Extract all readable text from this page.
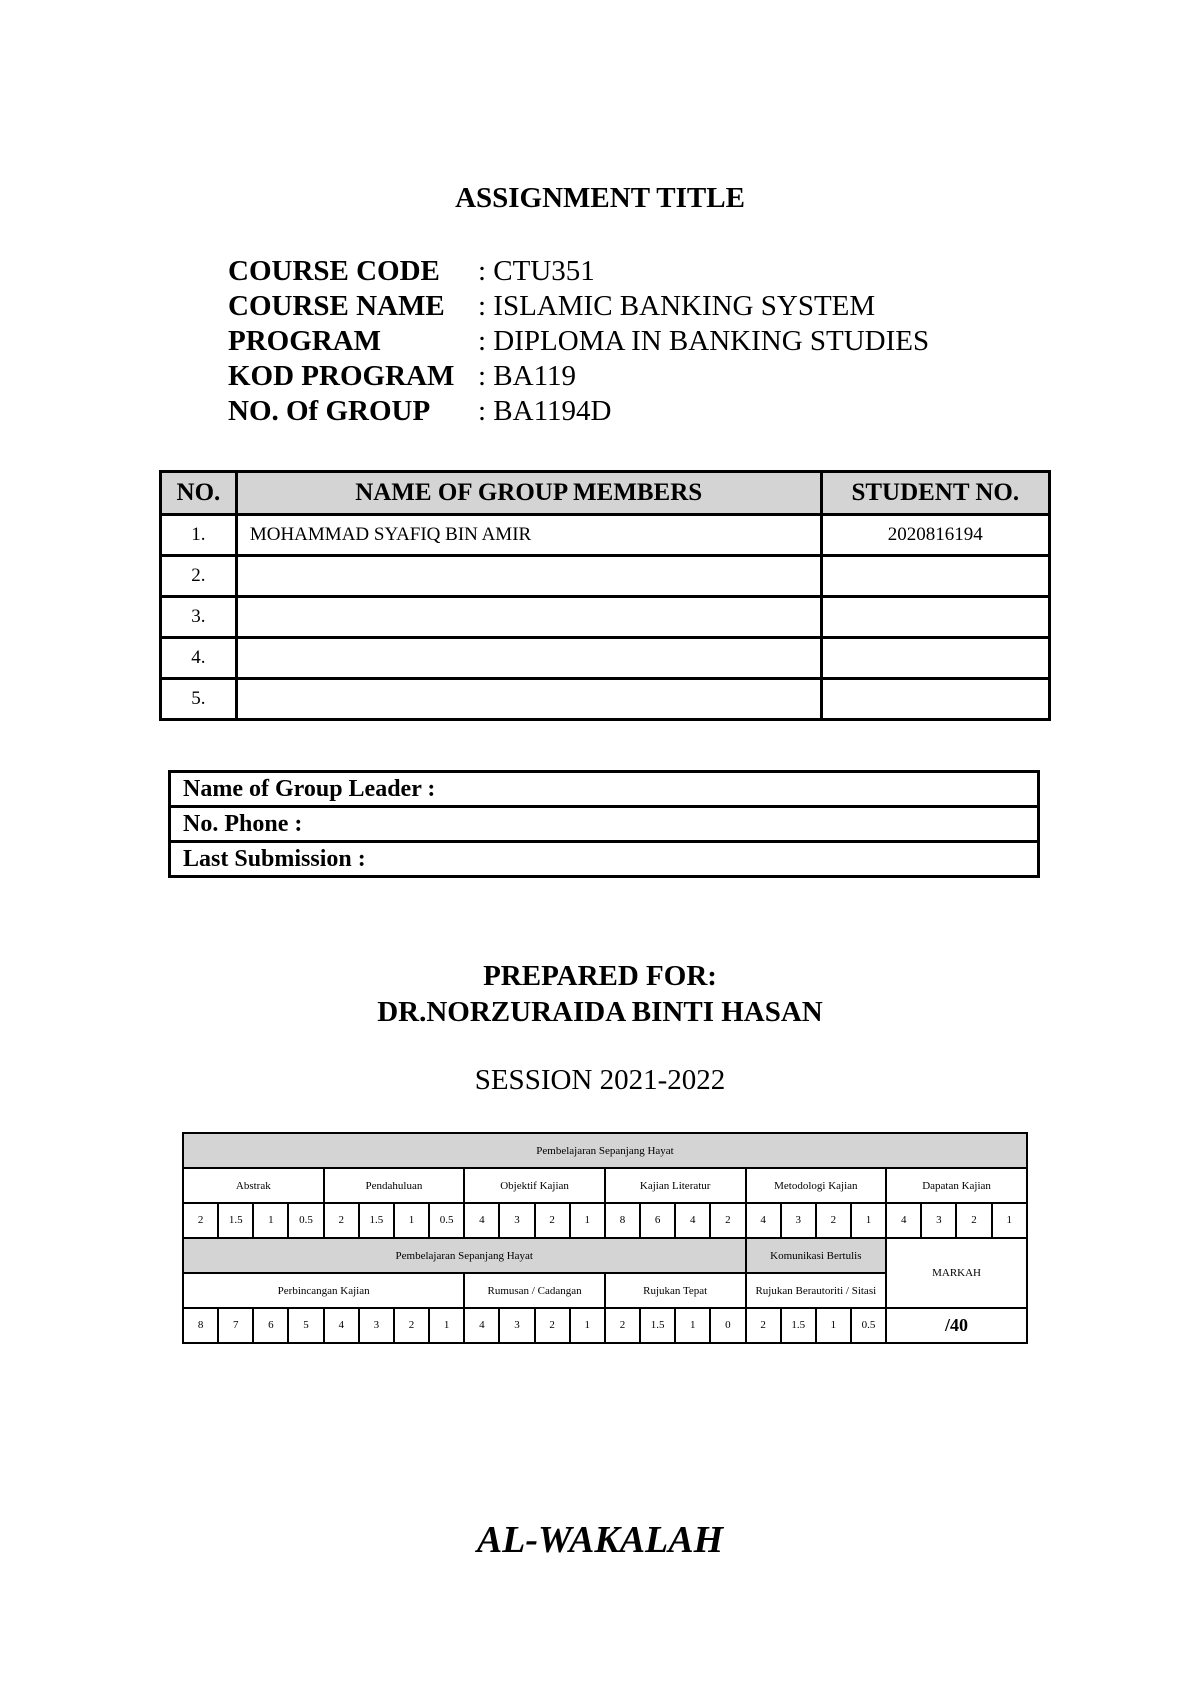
ASSIGNMENT TITLE
COURSE CODE	: CTU351
COURSE NAME	: ISLAMIC BANKING SYSTEM
PROGRAM	: DIPLOMA IN BANKING STUDIES
KOD PROGRAM : BA119
NO. Of GROUP	: BA1194D
NO.	NAME OF GROUP MEMBERS	STUDENT NO.
1.	MOHAMMAD SYAFIQ BIN AMIR	2020816194
2.		
3.		
4.		
5.		
Name of Group Leader :
No. Phone :
Last Submission :
PREPARED FOR:
DR.NORZURAIDA BINTI HASAN
SESSION 2021-2022
Pembelajaran Sepanjang Hayat																							
Abstrak				Pendahuluan				Objektif Kajian				Kajian Literatur				Metodologi Kajian				Dapatan Kajian			
2	1.5	1	0.5	2	1.5	1	0.5	4	3	2	1	8	6	4	2	4	3	2	1	4	3	2	1
Pembelajaran Sepanjang Hayat																Komunikasi Bertulis				MARKAH			
Perbincangan Kajian								Rumusan / Cadangan				Rujukan Tepat				Rujukan Berautoriti / Sitasi							
8	7	6	5	4	3	2	1	4	3	2	1	2	1.5	1	0	2	1.5	1	0.5	/40			
AL-WAKALAH
